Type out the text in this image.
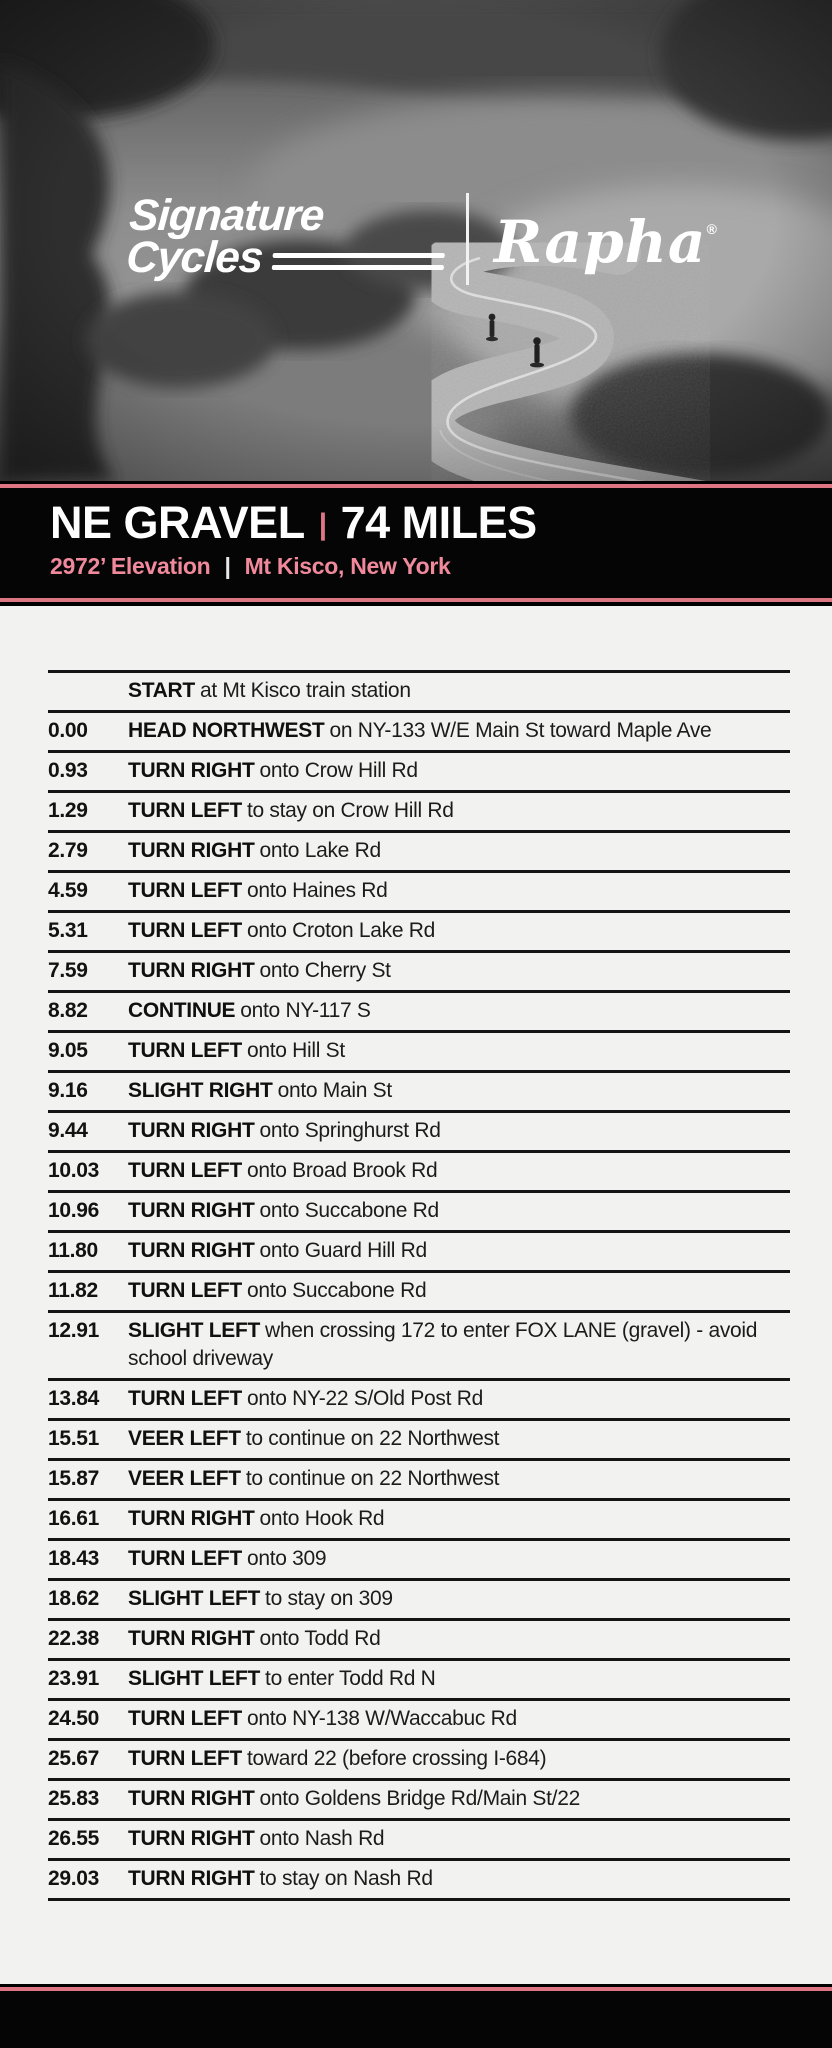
Signature
Cycles	Rapha®
NE GRAVEL | 74 MILES
2972’ Elevation | Mt Kisco, New York
START at Mt Kisco train station
0.00	HEAD NORTHWEST on NY-133 W/E Main St toward Maple Ave
0.93	TURN RIGHT onto Crow Hill Rd
1.29	TURN LEFT to stay on Crow Hill Rd
2.79	TURN RIGHT onto Lake Rd
4.59	TURN LEFT onto Haines Rd
5.31	TURN LEFT onto Croton Lake Rd
7.59	TURN RIGHT onto Cherry St
8.82	CONTINUE onto NY-117 S
9.05	TURN LEFT onto Hill St
9.16	SLIGHT RIGHT onto Main St
9.44	TURN RIGHT onto Springhurst Rd
10.03	TURN LEFT onto Broad Brook Rd
10.96	TURN RIGHT onto Succabone Rd
11.80	TURN RIGHT onto Guard Hill Rd
11.82	TURN LEFT onto Succabone Rd
12.91	SLIGHT LEFT when crossing 172 to enter FOX LANE (gravel) - avoid school driveway
13.84	TURN LEFT onto NY-22 S/Old Post Rd
15.51	VEER LEFT to continue on 22 Northwest
15.87	VEER LEFT to continue on 22 Northwest
16.61	TURN RIGHT onto Hook Rd
18.43	TURN LEFT onto 309
18.62	SLIGHT LEFT to stay on 309
22.38	TURN RIGHT onto Todd Rd
23.91	SLIGHT LEFT to enter Todd Rd N
24.50	TURN LEFT onto NY-138 W/Waccabuc Rd
25.67	TURN LEFT toward 22 (before crossing I-684)
25.83	TURN RIGHT onto Goldens Bridge Rd/Main St/22
26.55	TURN RIGHT onto Nash Rd
29.03	TURN RIGHT to stay on Nash Rd
